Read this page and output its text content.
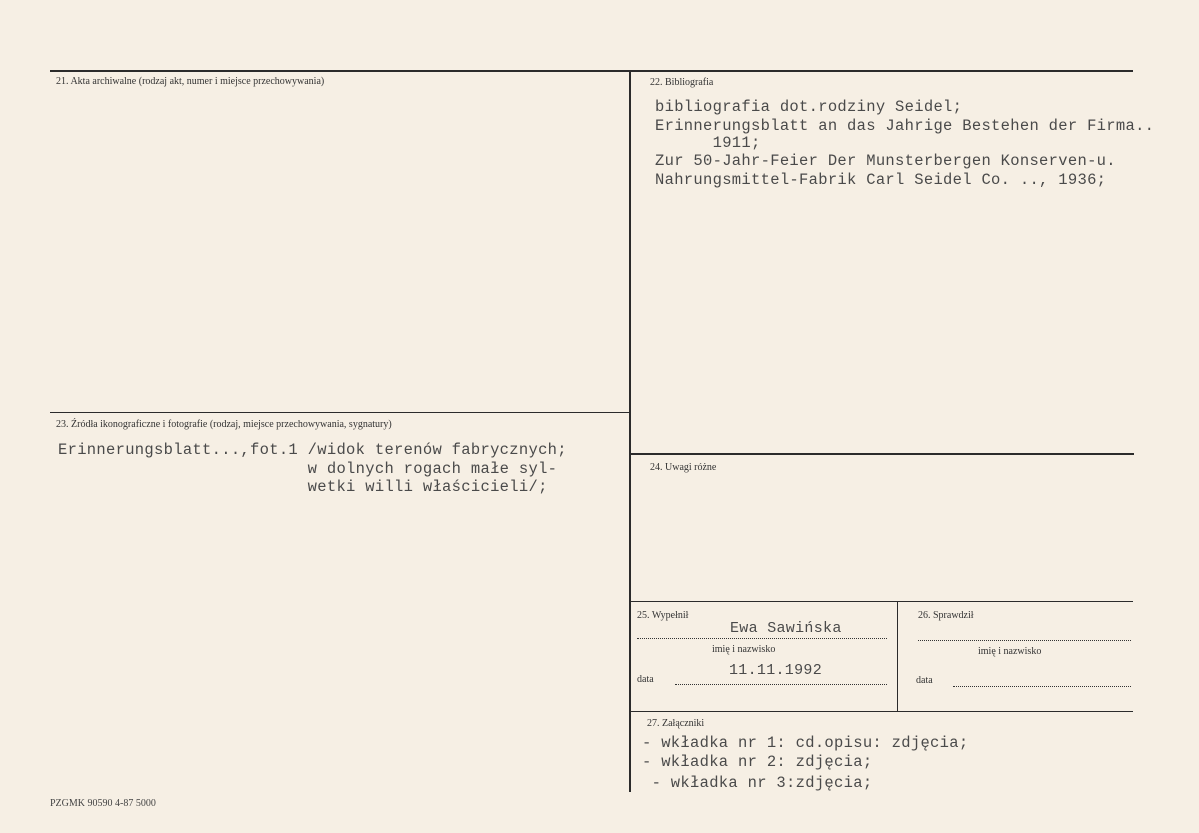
21. Akta archiwalne (rodzaj akt, numer i miejsce przechowywania)	22. Bibliografia
bibliografia dot.rodziny Seidel;
Erinnerungsblatt an das Jahrige Bestehen der Firma..
1911;
Zur 50-Jahr-Feier Der Munsterbergen Konserven-u.
Nahrungsmittel-Fabrik Carl Seidel Co. .., 1936;
23. Źródła ikonograficzne i fotografie (rodzaj, miejsce przechowywania, sygnatury)
Erinnerungsblatt...,fot.1 /widok terenów fabrycznych;
w dolnych rogach małe syl-
wetki willi właścicieli/;
24. Uwagi różne
25. Wypełnił
Ewa Sawińska
imię i nazwisko
11.11.1992
data
26. Sprawdził
imię i nazwisko
data
27. Załączniki
- wkładka nr 1: cd.opisu: zdjęcia;
- wkładka nr 2: zdjęcia;
- wkładka nr 3:zdjęcia;
PZGMK 90590 4-87 5000
